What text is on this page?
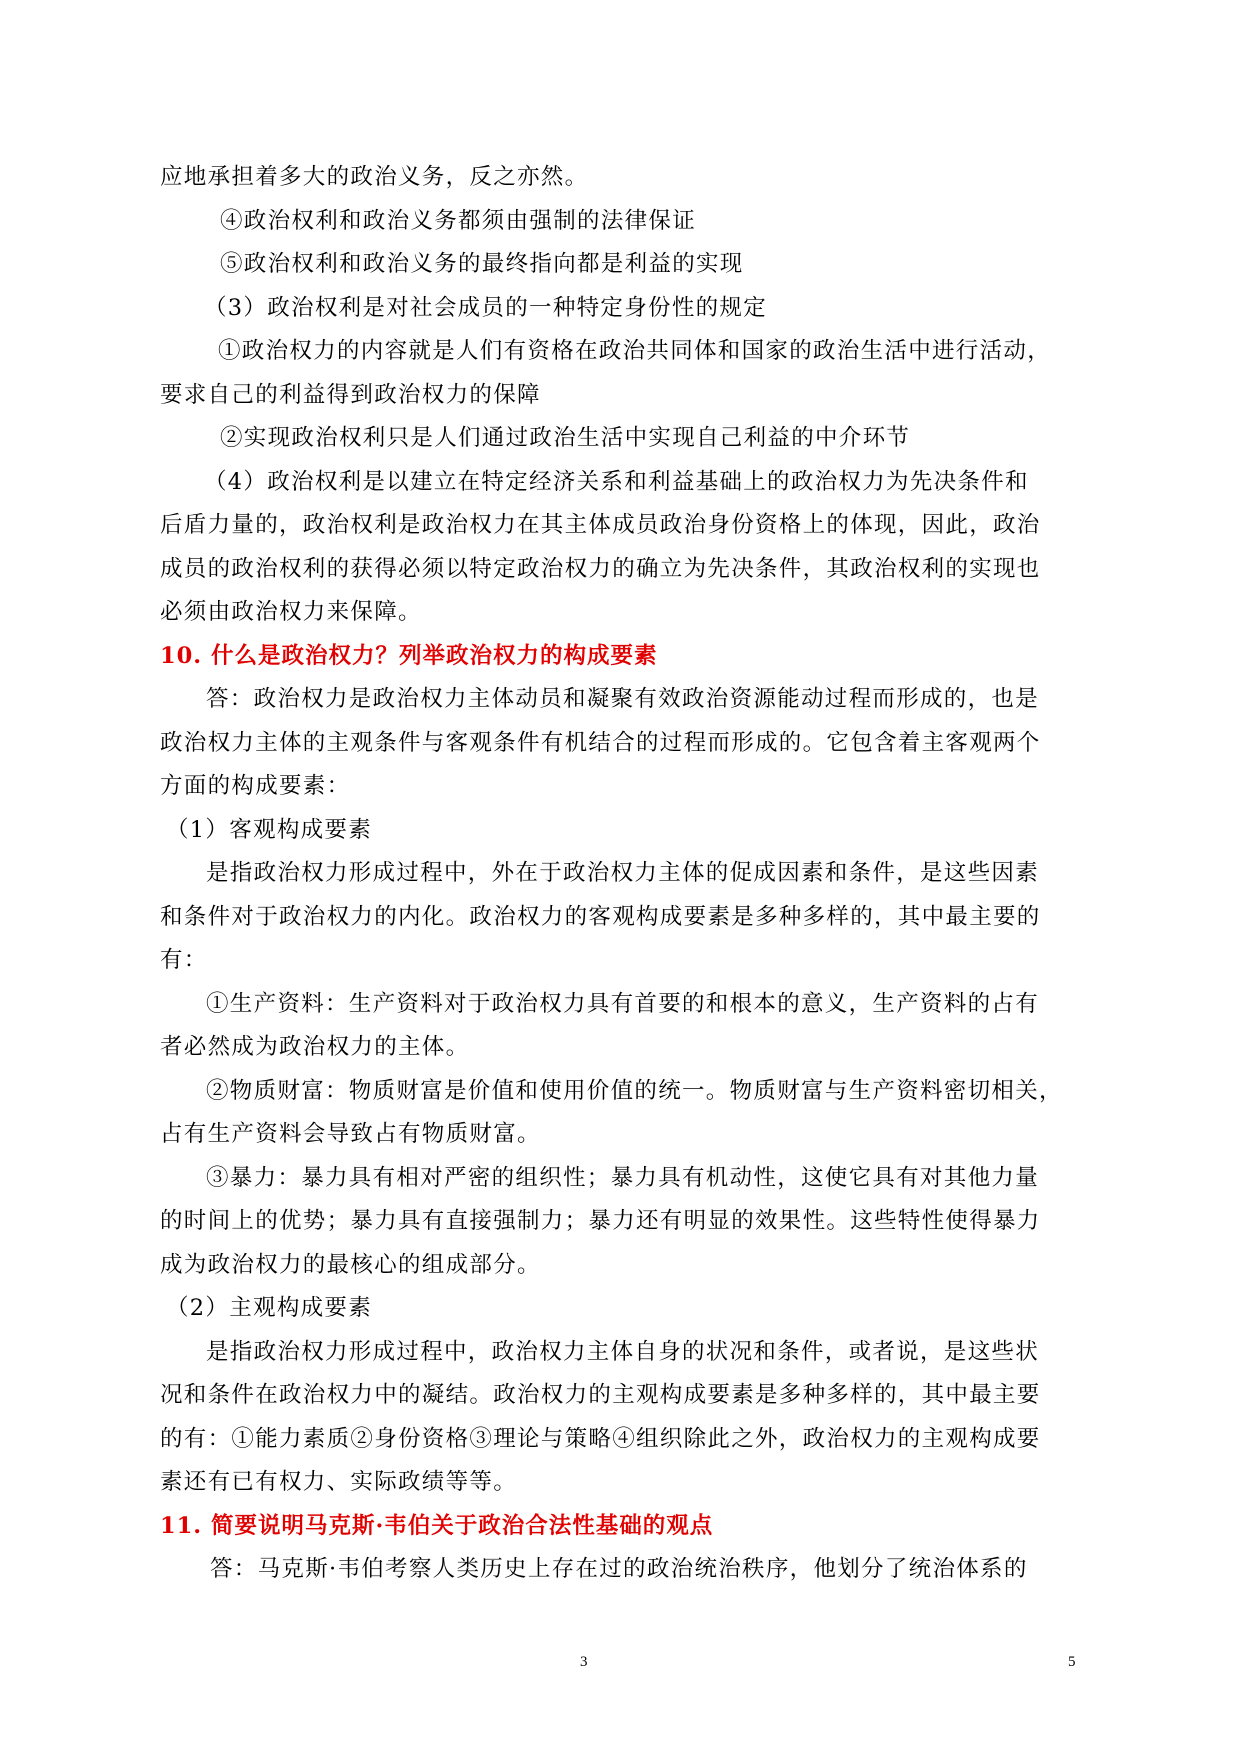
应地承担着多大的政治义务，反之亦然。
④政治权利和政治义务都须由强制的法律保证
⑤政治权利和政治义务的最终指向都是利益的实现
（3）政治权利是对社会成员的一种特定身份性的规定
①政治权力的内容就是人们有资格在政治共同体和国家的政治生活中进行活动，
要求自己的利益得到政治权力的保障
②实现政治权利只是人们通过政治生活中实现自己利益的中介环节
（4）政治权利是以建立在特定经济关系和利益基础上的政治权力为先决条件和
后盾力量的，政治权利是政治权力在其主体成员政治身份资格上的体现，因此，政治
成员的政治权利的获得必须以特定政治权力的确立为先决条件，其政治权利的实现也
必须由政治权力来保障。
10. 什么是政治权力？列举政治权力的构成要素
答：政治权力是政治权力主体动员和凝聚有效政治资源能动过程而形成的，也是
政治权力主体的主观条件与客观条件有机结合的过程而形成的。它包含着主客观两个
方面的构成要素：
（1）客观构成要素
是指政治权力形成过程中，外在于政治权力主体的促成因素和条件，是这些因素
和条件对于政治权力的内化。政治权力的客观构成要素是多种多样的，其中最主要的
有：
①生产资料：生产资料对于政治权力具有首要的和根本的意义，生产资料的占有
者必然成为政治权力的主体。
②物质财富：物质财富是价值和使用价值的统一。物质财富与生产资料密切相关，
占有生产资料会导致占有物质财富。
③暴力：暴力具有相对严密的组织性；暴力具有机动性，这使它具有对其他力量
的时间上的优势；暴力具有直接强制力；暴力还有明显的效果性。这些特性使得暴力
成为政治权力的最核心的组成部分。
（2）主观构成要素
是指政治权力形成过程中，政治权力主体自身的状况和条件，或者说，是这些状
况和条件在政治权力中的凝结。政治权力的主观构成要素是多种多样的，其中最主要
的有：①能力素质②身份资格③理论与策略④组织除此之外，政治权力的主观构成要
素还有已有权力、实际政绩等等。
11. 简要说明马克斯·韦伯关于政治合法性基础的观点
答：马克斯·韦伯考察人类历史上存在过的政治统治秩序，他划分了统治体系的
3	5
